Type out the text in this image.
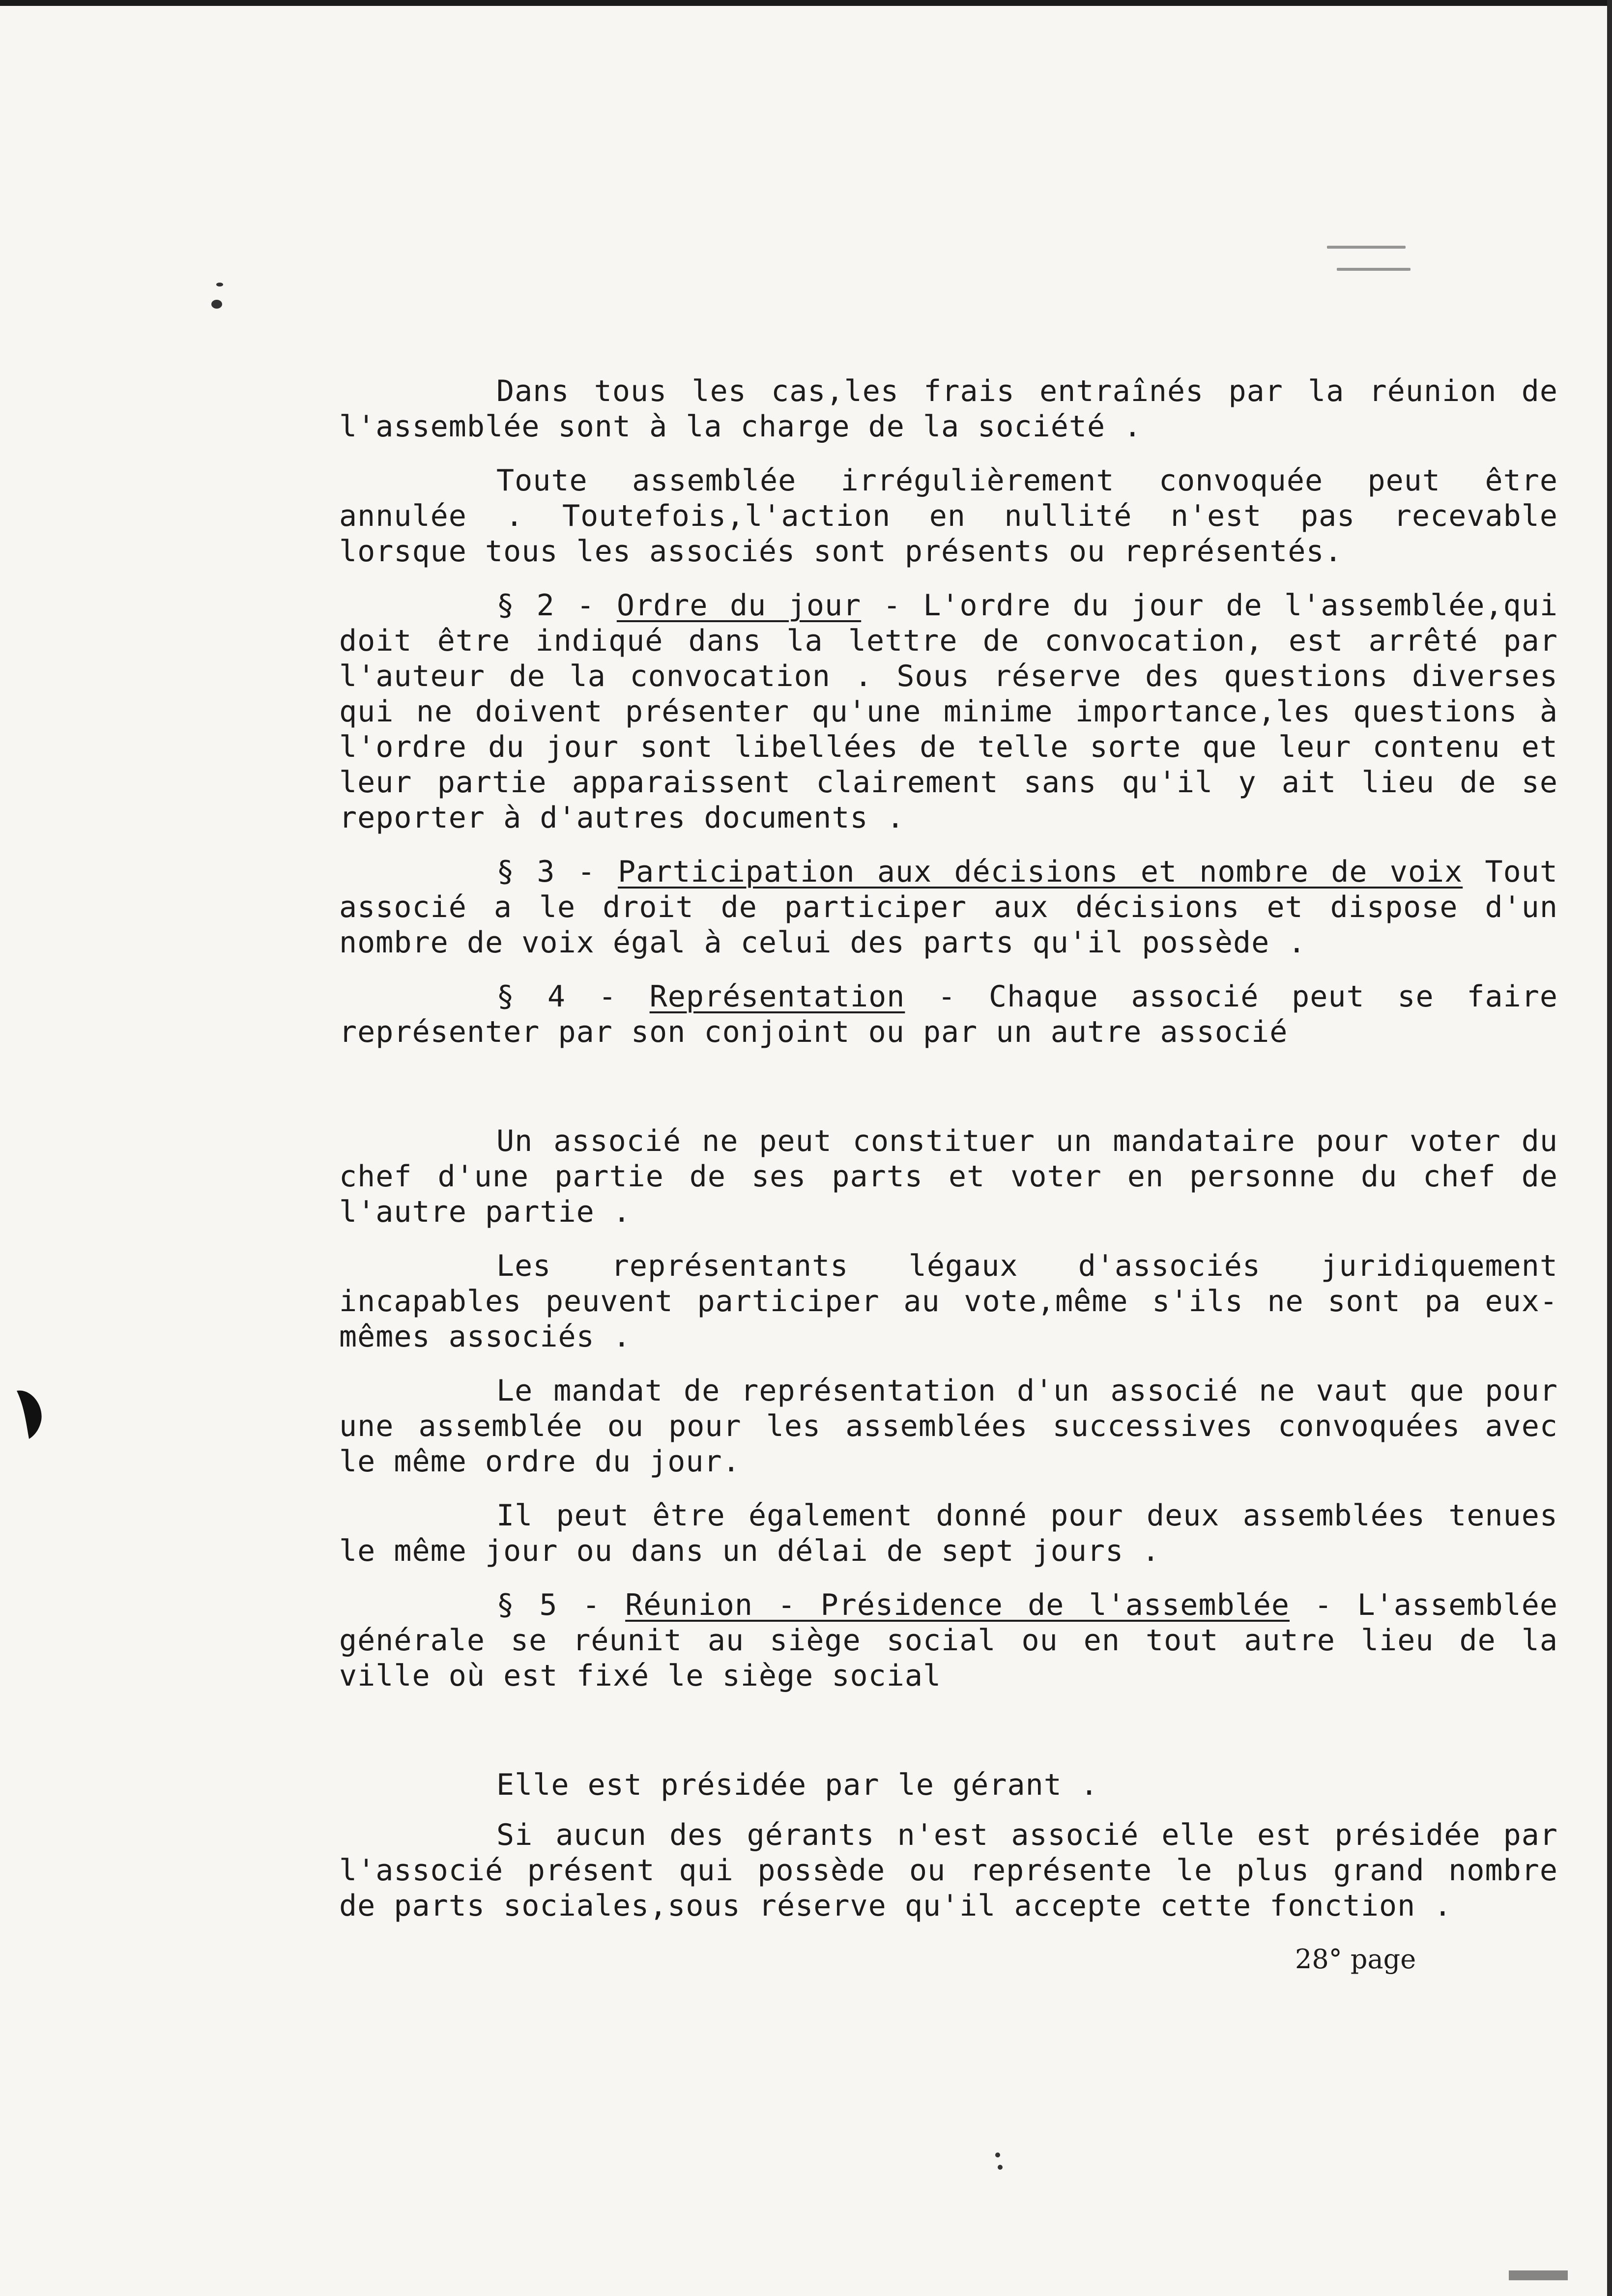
Dans tous les cas,les frais entraînés par la réunion de l'assemblée sont à la charge de la société .

Toute assemblée irrégulièrement convoquée peut être annulée . Toutefois,l'action en nullité n'est pas recevable lorsque tous les associés sont présents ou représentés.

§ 2 - Ordre du jour - L'ordre du jour de l'assemblée,qui doit être indiqué dans la lettre de convocation, est arrêté par l'auteur de la convocation . Sous réserve des questions diverses qui ne doivent présenter qu'une minime importance,les questions à l'ordre du jour sont libellées de telle sorte que leur contenu et leur partie apparaissent clairement sans qu'il y ait lieu de se reporter à d'autres documents .

§ 3 - Participation aux décisions et nombre de voix Tout associé a le droit de participer aux décisions et dispose d'un nombre de voix égal à celui des parts qu'il possède .

§ 4 - Représentation - Chaque associé peut se faire représenter par son conjoint ou par un autre associé

Un associé ne peut constituer un mandataire pour voter du chef d'une partie de ses parts et voter en personne du chef de l'autre partie .

Les représentants légaux d'associés juridiquement incapables peuvent participer au vote,même s'ils ne sont pa eux-mêmes associés .

Le mandat de représentation d'un associé ne vaut que pour une assemblée ou pour les assemblées successives convoquées avec le même ordre du jour.

Il peut être également donné pour deux assemblées tenues le même jour ou dans un délai de sept jours .

§ 5 - Réunion - Présidence de l'assemblée - L'assemblée générale se réunit au siège social ou en tout autre lieu de la ville où est fixé le siège social

Elle est présidée par le gérant .

Si aucun des gérants n'est associé elle est présidée par l'associé présent qui possède ou représente le plus grand nombre de parts sociales,sous réserve qu'il accepte cette fonction .

28° page
